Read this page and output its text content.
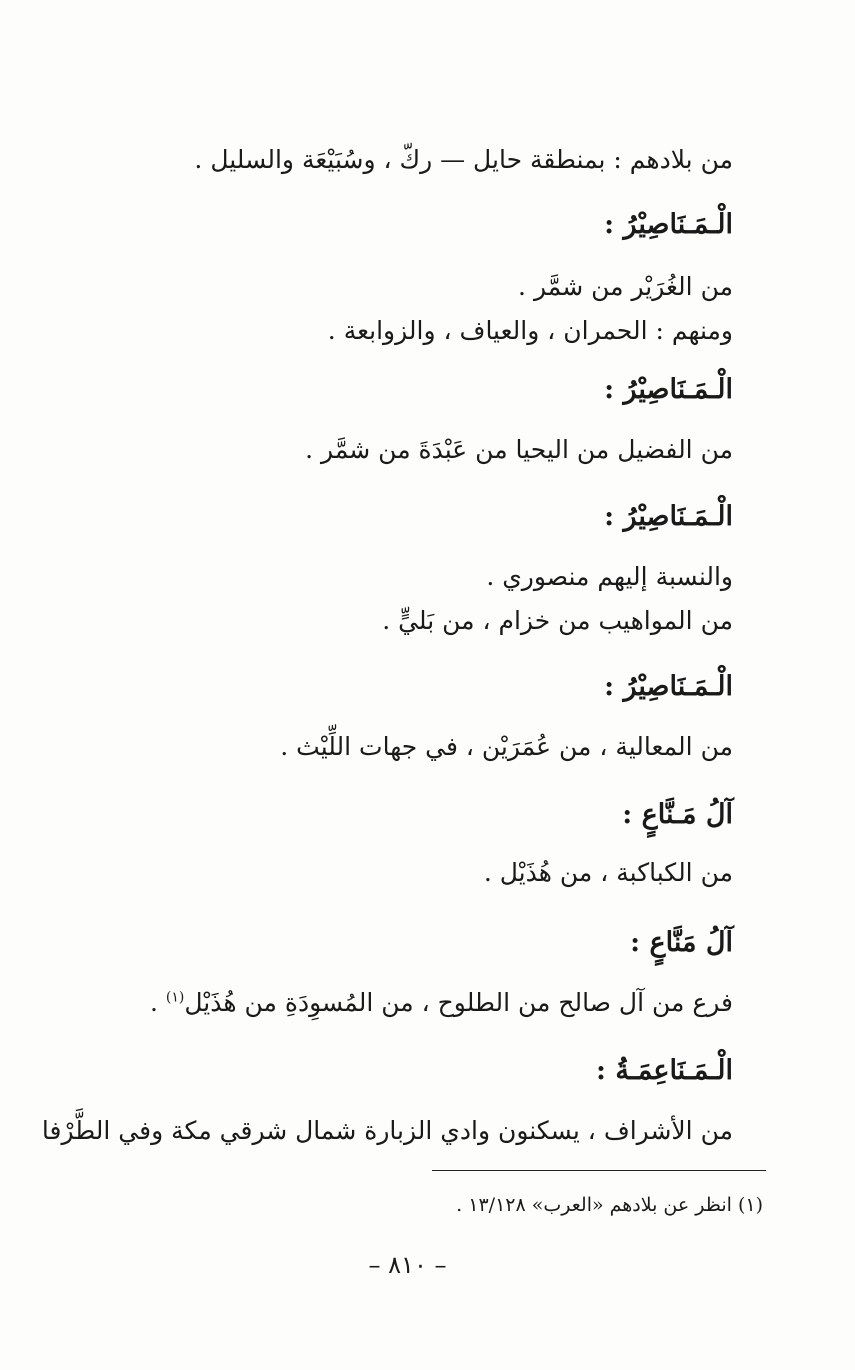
من بلادهم : بمنطقة حايل — ركّ ، وسُبَيْعَة والسليل .
الْـمَـنَاصِيْرُ :
من الغُرَيْر من شمَّر .
ومنهم : الحمران ، والعياف ، والزوابعة .
الْـمَـنَاصِيْرُ :
من الفضيل من اليحيا من عَبْدَةَ من شمَّر .
الْـمَـنَاصِيْرُ :
والنسبة إليهم منصوري .
من المواهيب من خزام ، من بَليٍّ .
الْـمَـنَاصِيْرُ :
من المعالية ، من عُمَرَيْن ، في جهات اللِّيْث .
آلُ مَـنَّاعٍ :
من الكباكبة ، من هُذَيْل .
آلُ مَنَّاعٍ :
فرع من آل صالح من الطلوح ، من المُسوِدَةِ من هُذَيْل$^{(١)}$ .
الْـمَـنَاعِمَـةُ :
من الأشراف ، يسكنون وادي الزبارة شمال شرقي مكة وفي الطَّرْفا
(١) انظر عن بلادهم «العرب» ١٣/١٢٨ .
– ٨١٠ –
